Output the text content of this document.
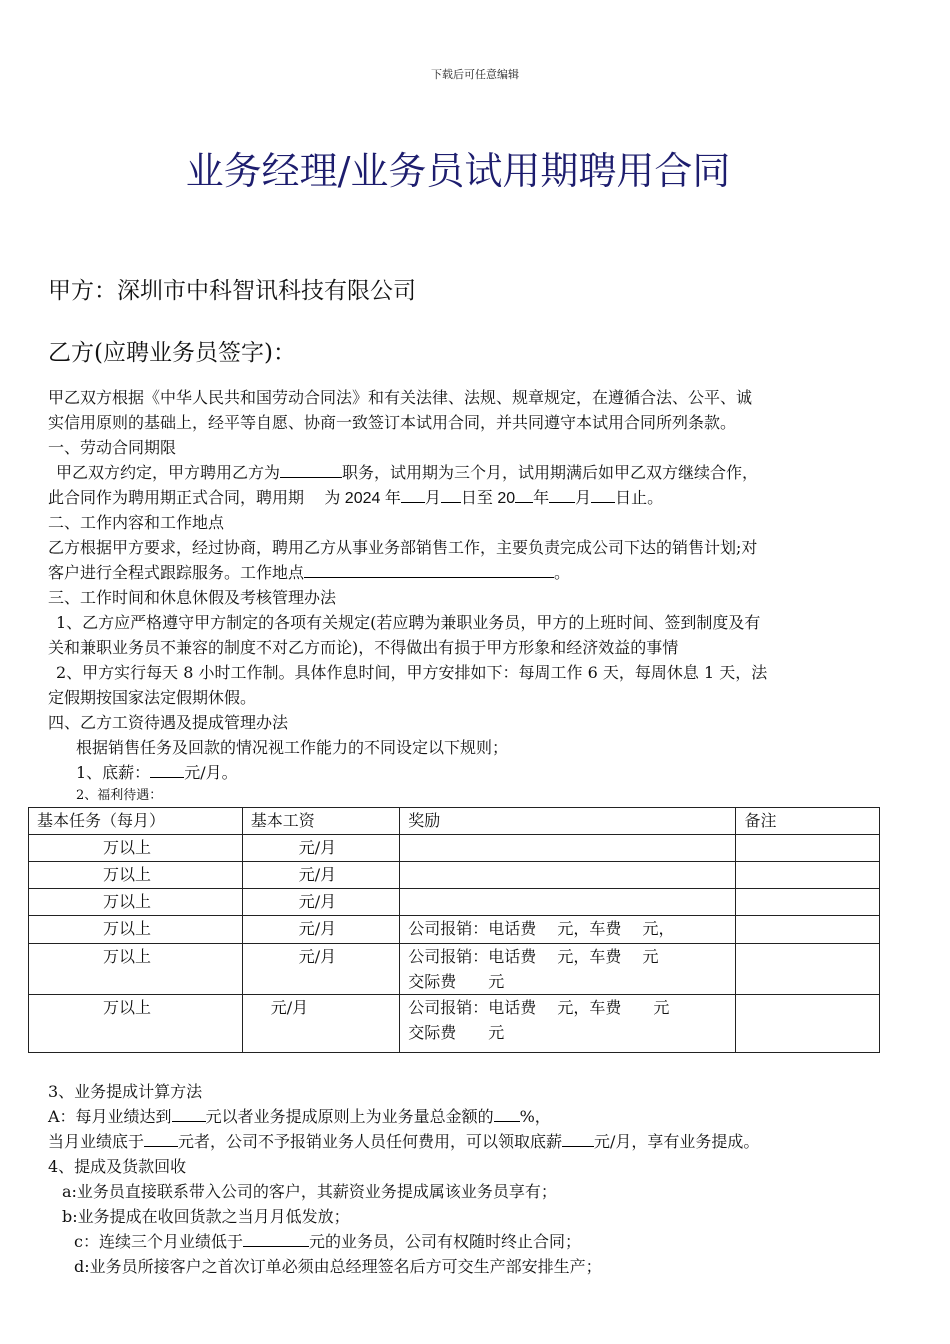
下载后可任意编辑
业务经理/业务员试用期聘用合同
甲方：深圳市中科智讯科技有限公司
乙方(应聘业务员签字)：
甲乙双方根据《中华人民共和国劳动合同法》和有关法律、法规、规章规定，在遵循合法、公平、诚
实信用原则的基础上，经平等自愿、协商一致签订本试用合同，并共同遵守本试用合同所列条款。
一、劳动合同期限
甲乙双方约定，甲方聘用乙方为	职务，试用期为三个月，试用期满后如甲乙双方继续合作，
此合同作为聘用期正式合同，聘用期 为 2024 年 月 日至 20 年 月 日止。
二、工作内容和工作地点
乙方根据甲方要求，经过协商，聘用乙方从事业务部销售工作，主要负责完成公司下达的销售计划;对
客户进行全程式跟踪服务。工作地点	。
三、工作时间和休息休假及考核管理办法
1、乙方应严格遵守甲方制定的各项有关规定(若应聘为兼职业务员，甲方的上班时间、签到制度及有
关和兼职业务员不兼容的制度不对乙方而论)，不得做出有损于甲方形象和经济效益的事情
2、甲方实行每天 8 小时工作制。具体作息时间，甲方安排如下：每周工作 6 天，每周休息 1 天，法
定假期按国家法定假期休假。
四、乙方工资待遇及提成管理办法
根据销售任务及回款的情况视工作能力的不同设定以下规则；
1、底薪： 元/月。
2、福利待遇：
基本任务（每月）	基本工资	奖励	备注
万以上	元/月		
万以上	元/月		
万以上	元/月		
万以上	元/月	公司报销：电话费　 元，车费　 元，	
万以上	元/月	公司报销：电话费　 元，车费　 元
交际费　　元	

万以上	元/月	公司报销：电话费　 元，车费　　元
交际费　　元	

3、业务提成计算方法
A：每月业绩达到 元以者业务提成原则上为业务量总金额的 %，
当月业绩底于 元者，公司不予报销业务人员任何费用，可以领取底薪 元/月，享有业务提成。
4、提成及货款回收
a:业务员直接联系带入公司的客户，其薪资业务提成属该业务员享有；
b:业务提成在收回货款之当月月低发放；
c：连续三个月业绩低于	元的业务员，公司有权随时终止合同；
d:业务员所接客户之首次订单必须由总经理签名后方可交生产部安排生产；
